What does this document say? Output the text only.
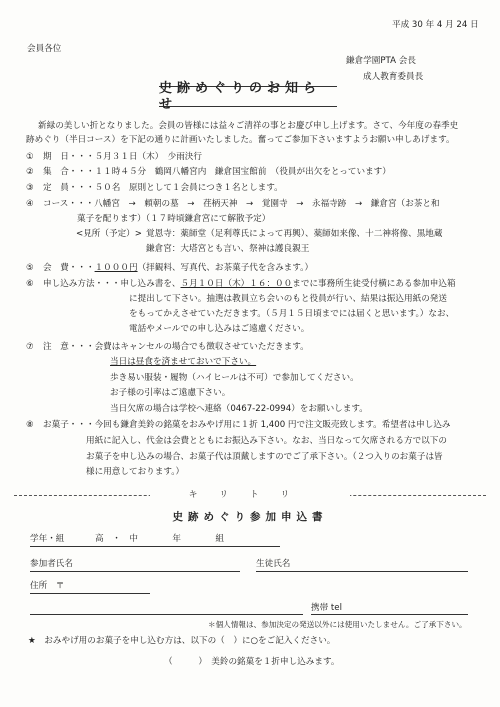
平成 30 年 4 月 24 日
会員各位
鎌倉学園PTA 会長
成人教育委員長
史跡めぐりのお知らせ
新緑の美しい折となりました。会員の皆様には益々ご清祥の事とお慶び申し上げます。さて、今年度の春季史
跡めぐり（半日コース）を下記の通りに計画いたしました。奮ってご参加下さいますようお願い申しあげます。
① 期　日・・・５月３１日（木）　少雨決行
② 集　合・・・１１時４５分　鶴岡八幡宮内　鎌倉国宝館前　（役員が出欠をとっています）
③ 定　員・・・５０名　原則として１会員につき１名とします。
④ コース・・・八幡宮　→　頼朝の墓　→　荏柄天神　→　覚園寺　→　永福寺跡　→　鎌倉宮（お茶と和
菓子を配ります）（１７時頃鎌倉宮にて解散予定）
<見所（予定）> 覚恩寺：薬師堂（足利尊氏によって再興）、薬師如来像、十二神将像、黒地蔵
鎌倉宮：大塔宮とも言い、祭神は護良親王
⑤ 会　費・・・１０００円（拝観料、写真代、お茶菓子代を含みます。）
⑥ 申し込み方法・・・申し込み書を、５月１０日（木）１６：００までに事務所生徒受付横にある参加申込箱
に提出して下さい。抽選は教員立ち会いのもと役員が行い、結果は振込用紙の発送
をもってかえさせていただきます。（５月１５日頃までには届くと思います。）なお、
電話やメールでの申し込みはご遠慮ください。
⑦ 注　意・・・会費はキャンセルの場合でも徴収させていただきます。
当日は昼食を済ませておいで下さい。
歩き易い服装・履物（ハイヒールは不可）で参加してください。
お子様の引率はご遠慮下さい。
当日欠席の場合は学校へ連絡（0467-22-0994）をお願いします。
⑧ お菓子・・・今回も鎌倉美鈴の銘菓をおみやげ用に１折 1,400 円で注文販売致します。希望者は申し込み
用紙に記入し、代金は会費とともにお振込み下さい。なお、当日なって欠席される方で以下の
お菓子を申し込みの場合、お菓子代は頂戴しますのでご了承下さい。（２つ入りのお菓子は皆
様に用意しております。）
キリトリ
史跡めぐり参加申込書
学年・組	高　・　中　　　　年　　　　組
参加者氏名	生徒氏名
住所　〒
携帯 tel
＊個人情報は、参加決定の発送以外には使用いたしません。ご了承下さい。
★　おみやげ用のお菓子を申し込む方は、以下の（　）に○をご記入ください。
（　　　）　美鈴の銘菓を１折申し込みます。
